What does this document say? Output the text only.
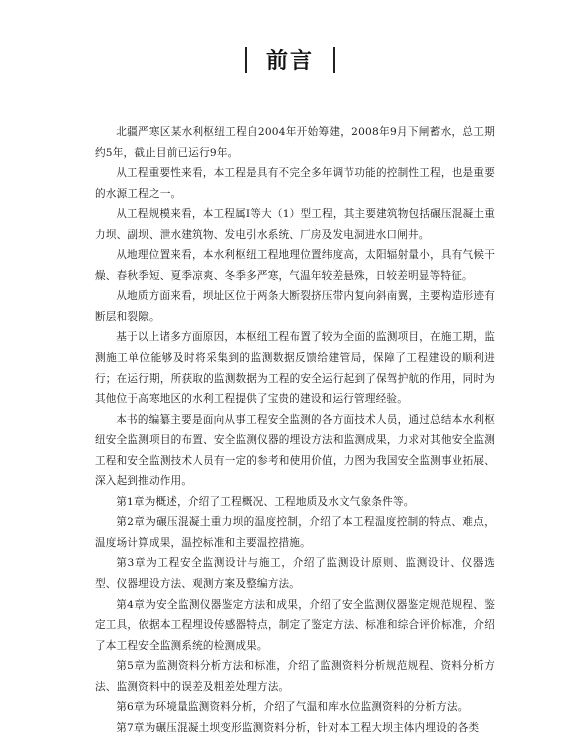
前言

北疆严寒区某水利枢纽工程自2004年开始筹建，2008年9月下闸蓄水，总工期约5年，截止目前已运行9年。

从工程重要性来看，本工程是具有不完全多年调节功能的控制性工程，也是重要的水源工程之一。

从工程规模来看，本工程属Ⅰ等大（1）型工程，其主要建筑物包括碾压混凝土重力坝、副坝、泄水建筑物、发电引水系统、厂房及发电洞进水口闸井。

从地理位置来看，本水利枢纽工程地理位置纬度高，太阳辐射量小，具有气候干燥、春秋季短、夏季凉爽、冬季多严寒，气温年较差悬殊，日较差明显等特征。

从地质方面来看，坝址区位于两条大断裂挤压带内复向斜南翼，主要构造形迹有断层和裂隙。

基于以上诸多方面原因，本枢纽工程布置了较为全面的监测项目，在施工期，监测施工单位能够及时将采集到的监测数据反馈给建管局，保障了工程建设的顺利进行；在运行期，所获取的监测数据为工程的安全运行起到了保驾护航的作用，同时为其他位于高寒地区的水利工程提供了宝贵的建设和运行管理经验。

本书的编纂主要是面向从事工程安全监测的各方面技术人员，通过总结本水利枢纽安全监测项目的布置、安全监测仪器的埋设方法和监测成果，力求对其他安全监测工程和安全监测技术人员有一定的参考和使用价值，力图为我国安全监测事业拓展、深入起到推动作用。

第1章为概述，介绍了工程概况、工程地质及水文气象条件等。

第2章为碾压混凝土重力坝的温度控制，介绍了本工程温度控制的特点、难点，温度场计算成果，温控标准和主要温控措施。

第3章为工程安全监测设计与施工，介绍了监测设计原则、监测设计、仪器选型、仪器埋设方法、观测方案及整编方法。

第4章为安全监测仪器鉴定方法和成果，介绍了安全监测仪器鉴定规范规程、鉴定工具，依据本工程埋设传感器特点，制定了鉴定方法、标准和综合评价标准，介绍了本工程安全监测系统的检测成果。

第5章为监测资料分析方法和标准，介绍了监测资料分析规范规程、资料分析方法、监测资料中的误差及粗差处理方法。

第6章为环境量监测资料分析，介绍了气温和库水位监测资料的分析方法。

第7章为碾压混凝土坝变形监测资料分析，针对本工程大坝主体内埋设的各类
